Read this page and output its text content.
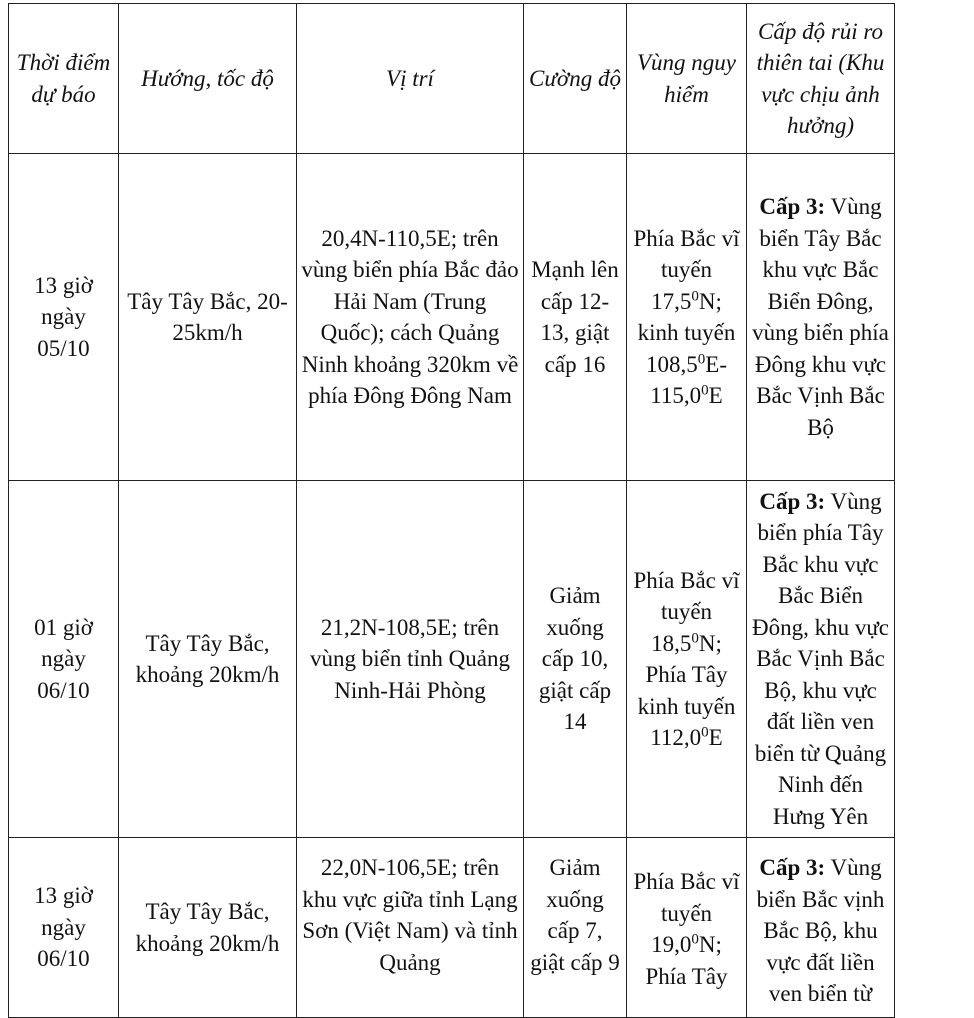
Thời điểm dự báo	Hướng, tốc độ	Vị trí	Cường độ	Vùng nguy hiểm	Cấp độ rủi ro thiên tai (Khu vực chịu ảnh hưởng)
13 giờ ngày 05/10	Tây Tây Bắc, 20-25km/h	20,4N-110,5E; trên vùng biển phía Bắc đảo Hải Nam (Trung Quốc); cách Quảng Ninh khoảng 320km về phía Đông Đông Nam	Mạnh lên cấp 12-13, giật cấp 16	Phía Bắc vĩ tuyến 17,5$^0$N; kinh tuyến 108,5$^0$E-115,0$^0$E	Cấp 3: Vùng biển Tây Bắc khu vực Bắc Biển Đông, vùng biển phía Đông khu vực Bắc Vịnh Bắc Bộ
01 giờ ngày 06/10	Tây Tây Bắc, khoảng 20km/h	21,2N-108,5E; trên vùng biển tỉnh Quảng Ninh-Hải Phòng	Giảm xuống cấp 10, giật cấp 14	Phía Bắc vĩ tuyến 18,5$^0$N; Phía Tây kinh tuyến 112,0$^0$E	Cấp 3: Vùng biển phía Tây Bắc khu vực Bắc Biển Đông, khu vực Bắc Vịnh Bắc Bộ, khu vực đất liền ven biển từ Quảng Ninh đến Hưng Yên
13 giờ ngày 06/10	Tây Tây Bắc, khoảng 20km/h	22,0N-106,5E; trên khu vực giữa tỉnh Lạng Sơn (Việt Nam) và tỉnh Quảng	Giảm xuống cấp 7, giật cấp 9	Phía Bắc vĩ tuyến 19,0$^0$N; Phía Tây	Cấp 3: Vùng biển Bắc vịnh Bắc Bộ, khu vực đất liền ven biển từ
